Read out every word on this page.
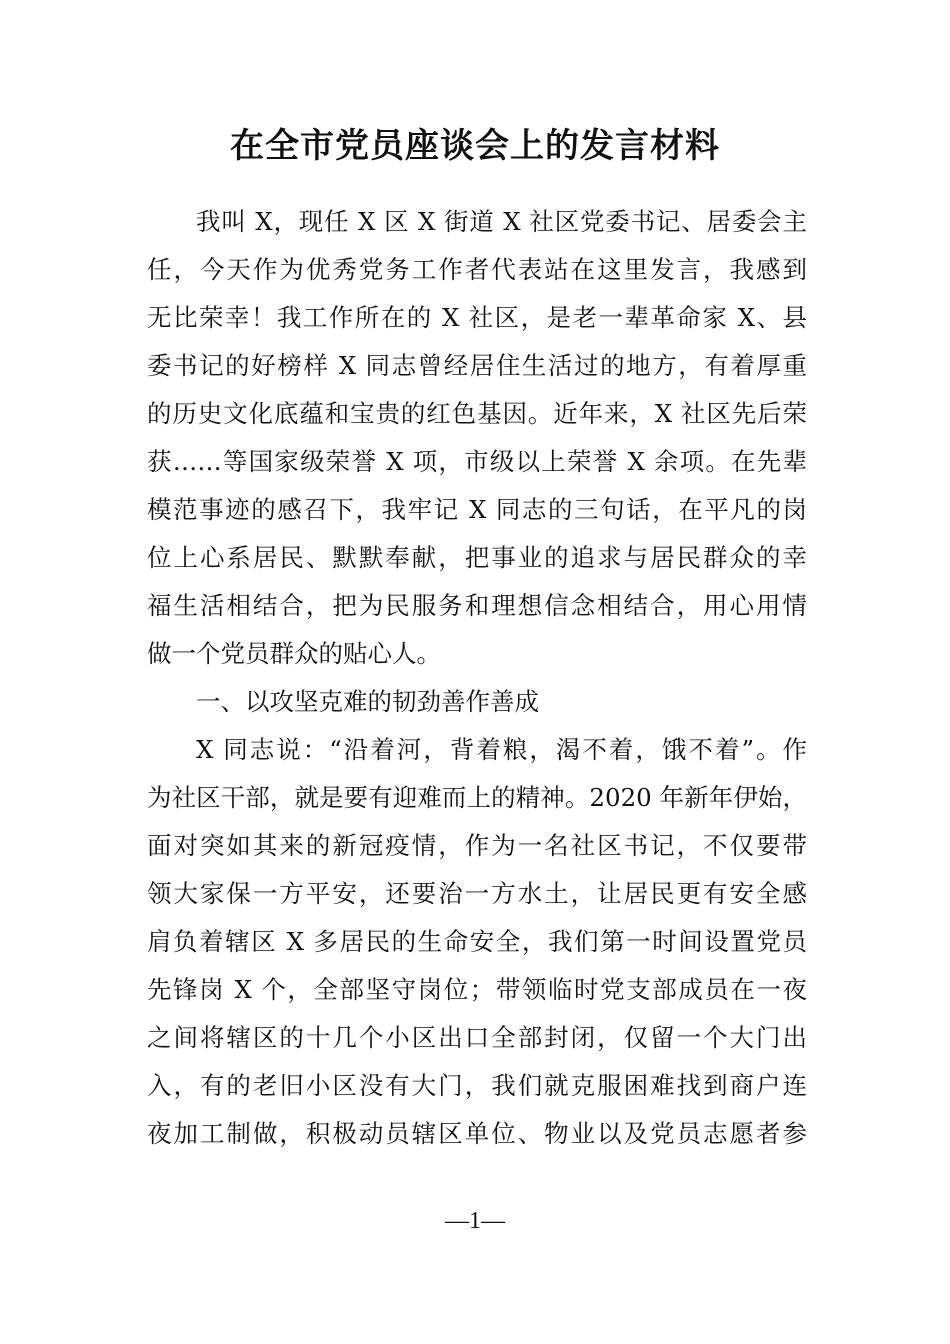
在全市党员座谈会上的发言材料
我叫 X，现任 X 区 X 街道 X 社区党委书记、居委会主
任，今天作为优秀党务工作者代表站在这里发言，我感到
无比荣幸！我工作所在的 X 社区，是老一辈革命家 X、县
委书记的好榜样 X 同志曾经居住生活过的地方，有着厚重
的历史文化底蕴和宝贵的红色基因。近年来，X 社区先后荣
获……等国家级荣誉 X 项，市级以上荣誉 X 余项。在先辈
模范事迹的感召下，我牢记 X 同志的三句话，在平凡的岗
位上心系居民、默默奉献，把事业的追求与居民群众的幸
福生活相结合，把为民服务和理想信念相结合，用心用情
做一个党员群众的贴心人。
一、以攻坚克难的韧劲善作善成
X 同志说：“沿着河，背着粮，渴不着，饿不着”。作
为社区干部，就是要有迎难而上的精神。2020 年新年伊始，
面对突如其来的新冠疫情，作为一名社区书记，不仅要带
领大家保一方平安，还要治一方水土，让居民更有安全感
肩负着辖区 X 多居民的生命安全，我们第一时间设置党员
先锋岗 X 个，全部坚守岗位；带领临时党支部成员在一夜
之间将辖区的十几个小区出口全部封闭，仅留一个大门出
入，有的老旧小区没有大门，我们就克服困难找到商户连
夜加工制做，积极动员辖区单位、物业以及党员志愿者参
—1—
